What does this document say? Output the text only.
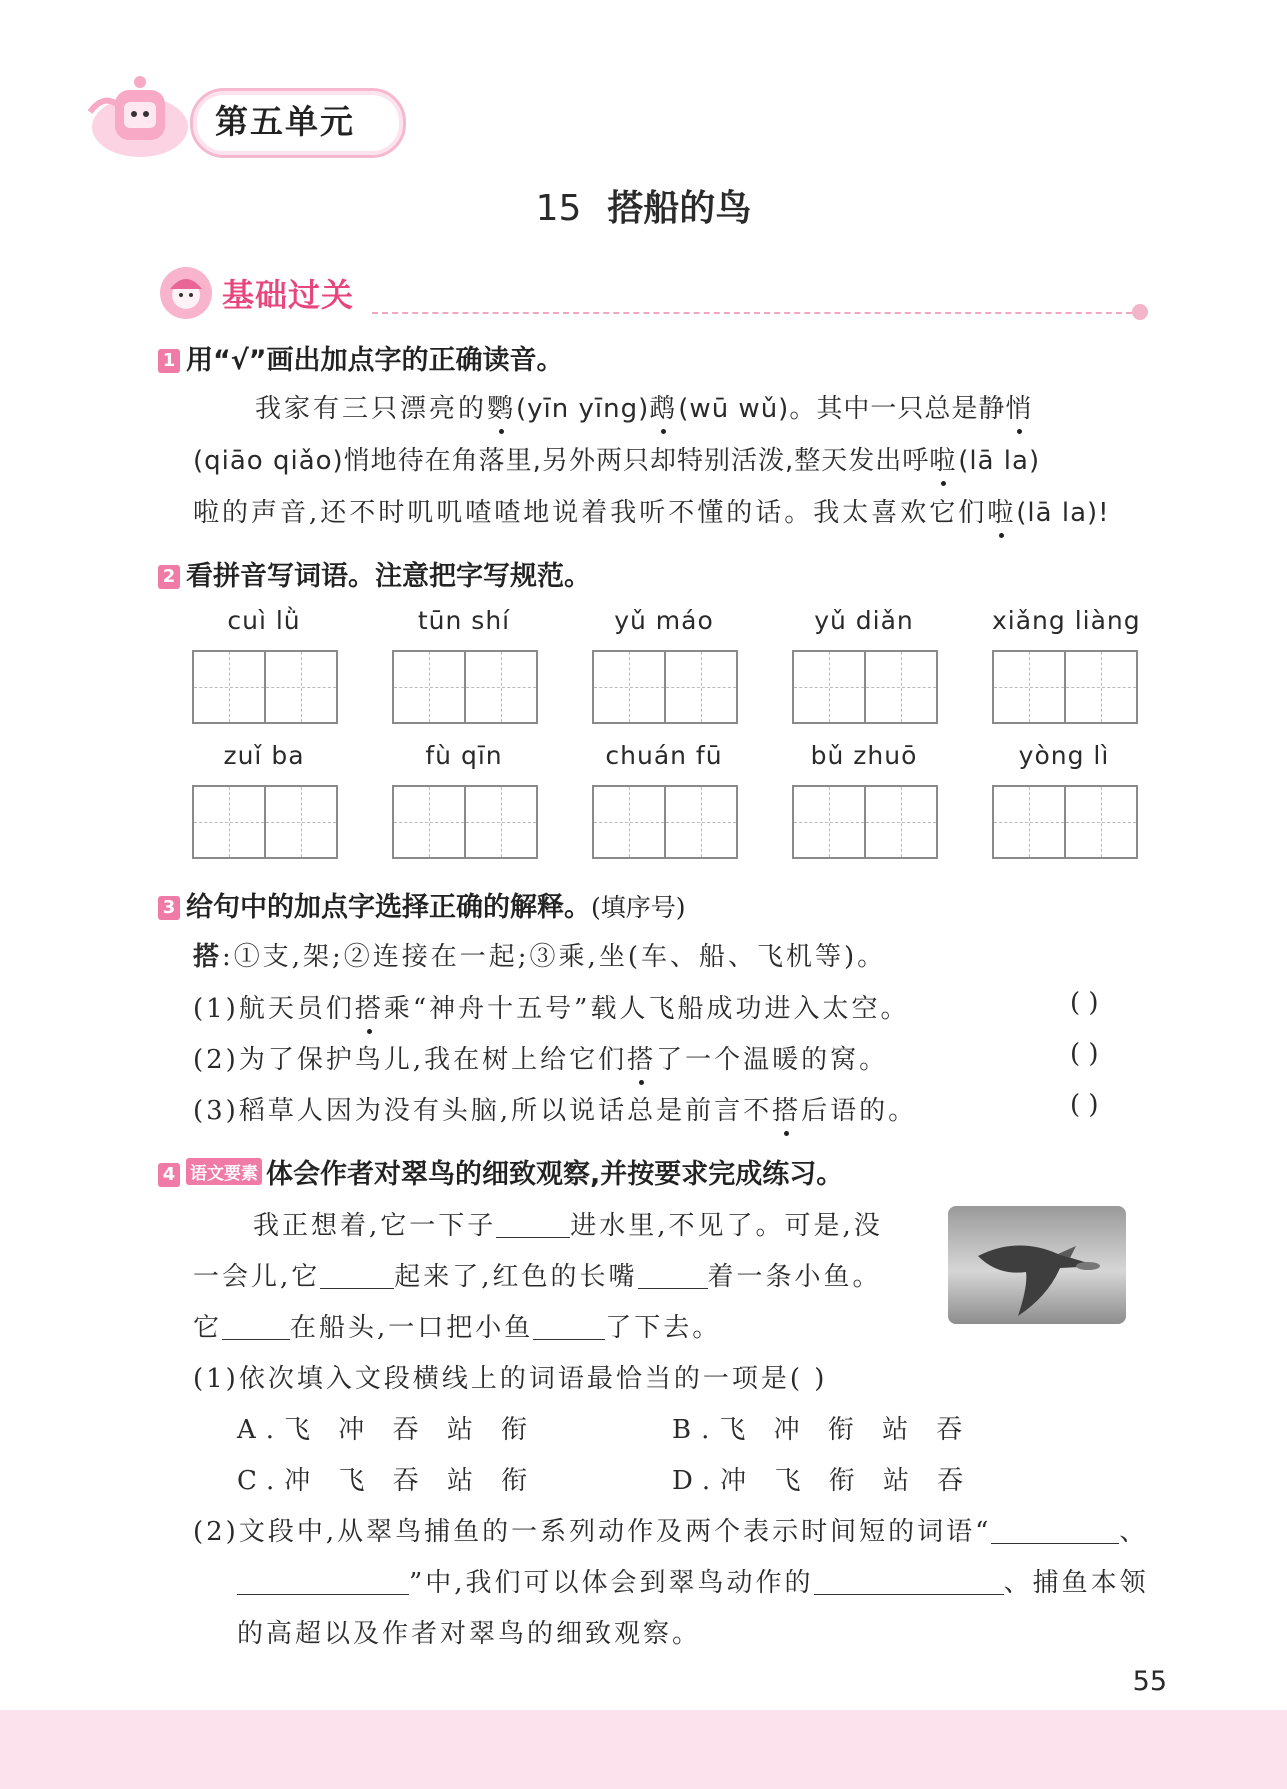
第五单元
15 搭船的鸟
基础过关
1 用“√”画出加点字的正确读音。
我家有三只漂亮的鹦(yīn yīng)鹉(wū wǔ)。其中一只总是静悄
(qiāo qiǎo)悄地待在角落里,另外两只却特别活泼,整天发出呼啦(lā la)
啦的声音,还不时叽叽喳喳地说着我听不懂的话。我太喜欢它们啦(lā la)!
2 看拼音写词语。注意把字写规范。
cuì lǜ	tūn shí	yǔ máo	yǔ diǎn	xiǎng liàng
zuǐ ba	fù qīn	chuán fū	bǔ zhuō	yòng lì
3 给句中的加点字选择正确的解释。(填序号)
搭:①支,架;②连接在一起;③乘,坐(车、船、飞机等)。
(1)航天员们搭乘“神舟十五号”载人飞船成功进入太空。	( )
(2)为了保护鸟儿,我在树上给它们搭了一个温暖的窝。	( )
(3)稻草人因为没有头脑,所以说话总是前言不搭后语的。	( )
4 语文要素 体会作者对翠鸟的细致观察,并按要求完成练习。
我正想着,它一下子	进水里,不见了。可是,没
一会儿,它	起来了,红色的长嘴	着一条小鱼。
它	在船头,一口把小鱼	了下去。
(1)依次填入文段横线上的词语最恰当的一项是( )
A.飞 冲 吞 站 衔	B.飞 冲 衔 站 吞
C.冲 飞 吞 站 衔	D.冲 飞 衔 站 吞
(2)文段中,从翠鸟捕鱼的一系列动作及两个表示时间短的词语“	、
”中,我们可以体会到翠鸟动作的	、捕鱼本领
的高超以及作者对翠鸟的细致观察。
55
